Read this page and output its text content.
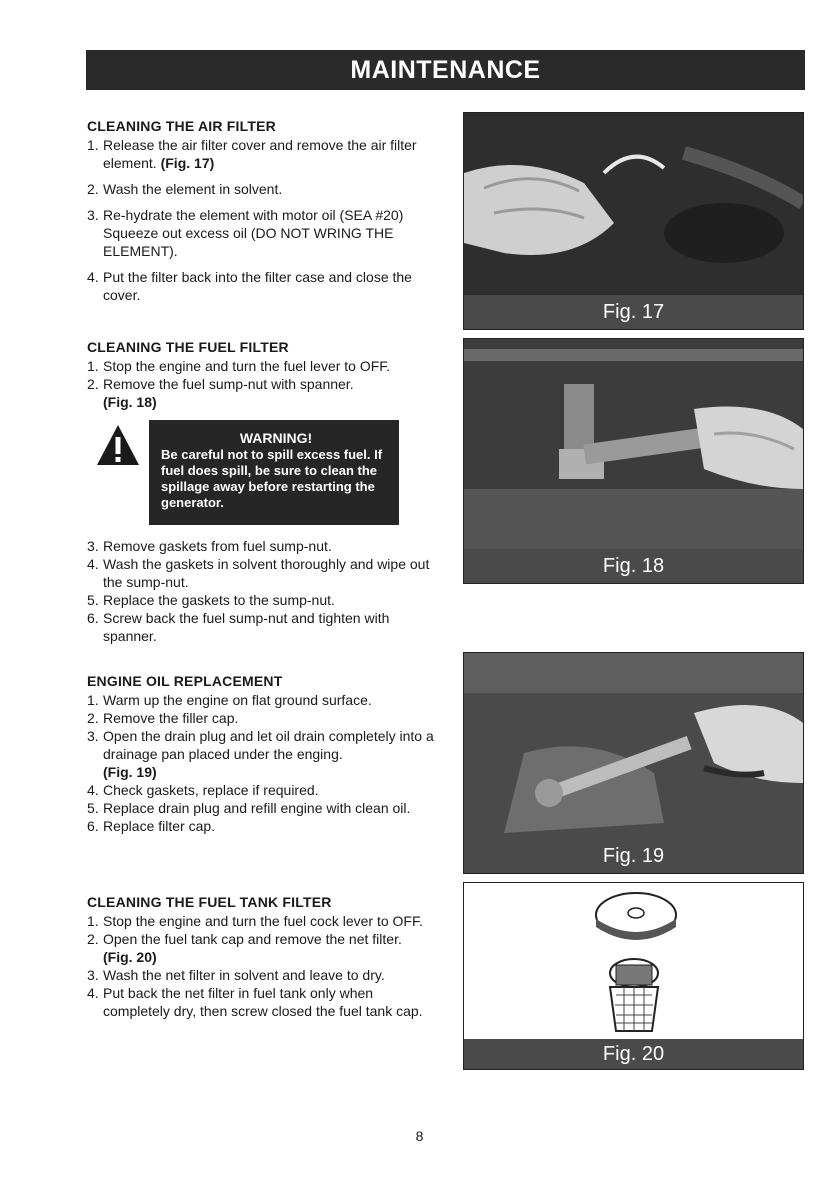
MAINTENANCE
CLEANING THE AIR FILTER
1. Release the air filter cover and remove the air filter element. (Fig. 17)
2. Wash the element in solvent.
3. Re-hydrate the element with motor oil (SEA #20) Squeeze out excess oil (DO NOT WRING THE ELEMENT).
4. Put the filter back into the filter case and close the cover.
CLEANING THE FUEL FILTER
1. Stop the engine and turn the fuel lever to OFF.
2. Remove the fuel sump-nut with spanner.
(Fig. 18)
WARNING!
Be careful not to spill excess fuel. If fuel does spill, be sure to clean the spillage away before restarting the generator.
3. Remove gaskets from fuel sump-nut.
4. Wash the gaskets in solvent thoroughly and wipe out the sump-nut.
5. Replace the gaskets to the sump-nut.
6. Screw back the fuel sump-nut and tighten with spanner.
ENGINE OIL REPLACEMENT
1. Warm up the engine on flat ground surface.
2. Remove the filler cap.
3. Open the drain plug and let oil drain completely into a drainage pan placed under the enging.
(Fig. 19)
4. Check gaskets, replace if required.
5. Replace drain plug and refill engine with clean oil.
6. Replace filter cap.
CLEANING THE FUEL TANK FILTER
1. Stop the engine and turn the fuel cock lever to OFF.
2. Open the fuel tank cap and remove the net filter.
(Fig. 20)
3. Wash the net filter in solvent and leave to dry.
4. Put back the net filter in fuel tank only when completely dry, then screw closed the fuel tank cap.
Fig. 17
Fig. 18
Fig. 19
Fig. 20
8
